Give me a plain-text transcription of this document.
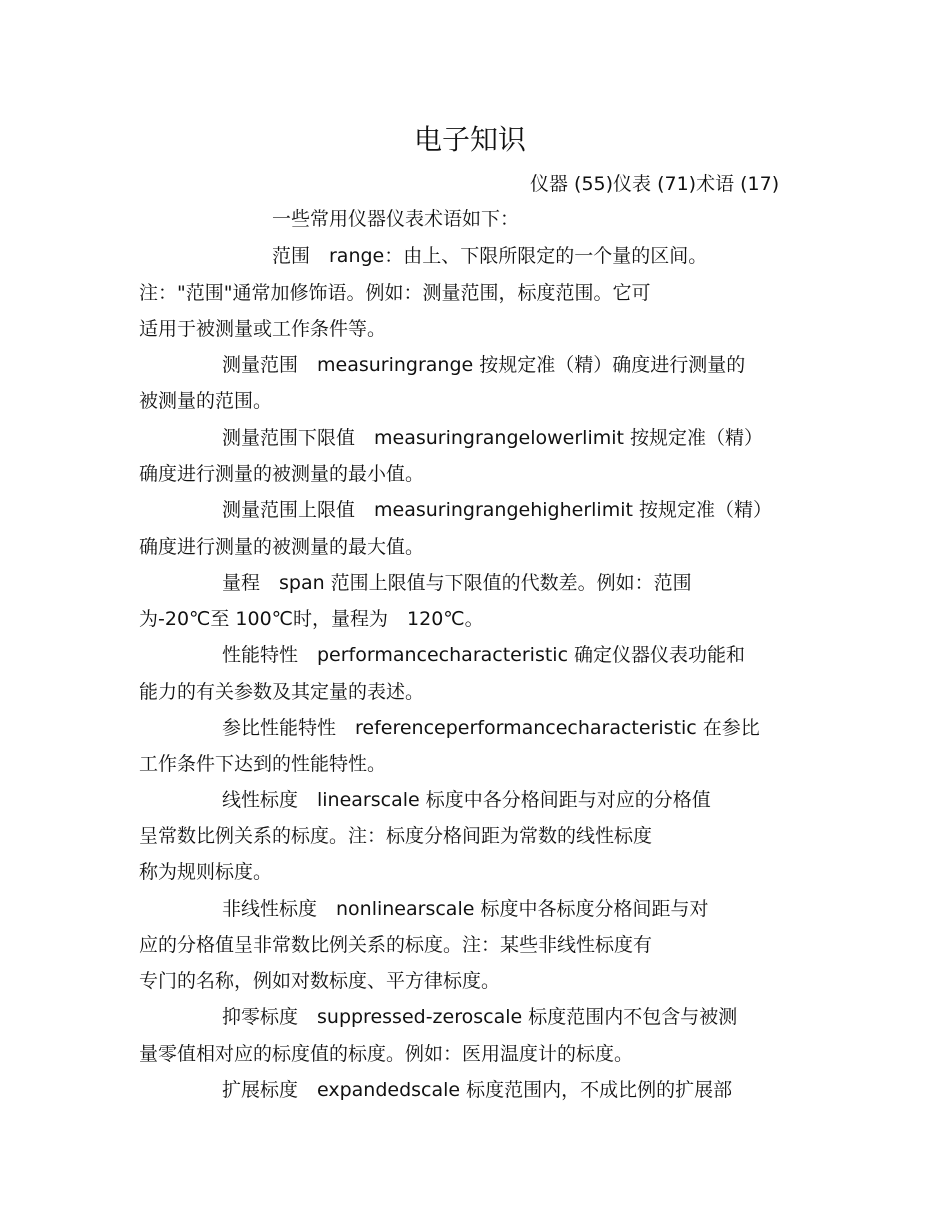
电子知识
仪器 (55)仪表 (71)术语 (17)
一些常用仪器仪表术语如下：
范围　range：由上、下限所限定的一个量的区间。
注："范围"通常加修饰语。例如：测量范围，标度范围。它可
适用于被测量或工作条件等。
测量范围　measuringrange 按规定准（精）确度进行测量的
被测量的范围。
测量范围下限值　measuringrangelowerlimit 按规定准（精）
确度进行测量的被测量的最小值。
测量范围上限值　measuringrangehigherlimit 按规定准（精）
确度进行测量的被测量的最大值。
量程　span 范围上限值与下限值的代数差。例如：范围
为-20℃至 100℃时，量程为　120℃。
性能特性　performancecharacteristic 确定仪器仪表功能和
能力的有关参数及其定量的表述。
参比性能特性　referenceperformancecharacteristic 在参比
工作条件下达到的性能特性。
线性标度　linearscale 标度中各分格间距与对应的分格值
呈常数比例关系的标度。注：标度分格间距为常数的线性标度
称为规则标度。
非线性标度　nonlinearscale 标度中各标度分格间距与对
应的分格值呈非常数比例关系的标度。注：某些非线性标度有
专门的名称，例如对数标度、平方律标度。
抑零标度　suppressed-zeroscale 标度范围内不包含与被测
量零值相对应的标度值的标度。例如：医用温度计的标度。
扩展标度　expandedscale 标度范围内，不成比例的扩展部
